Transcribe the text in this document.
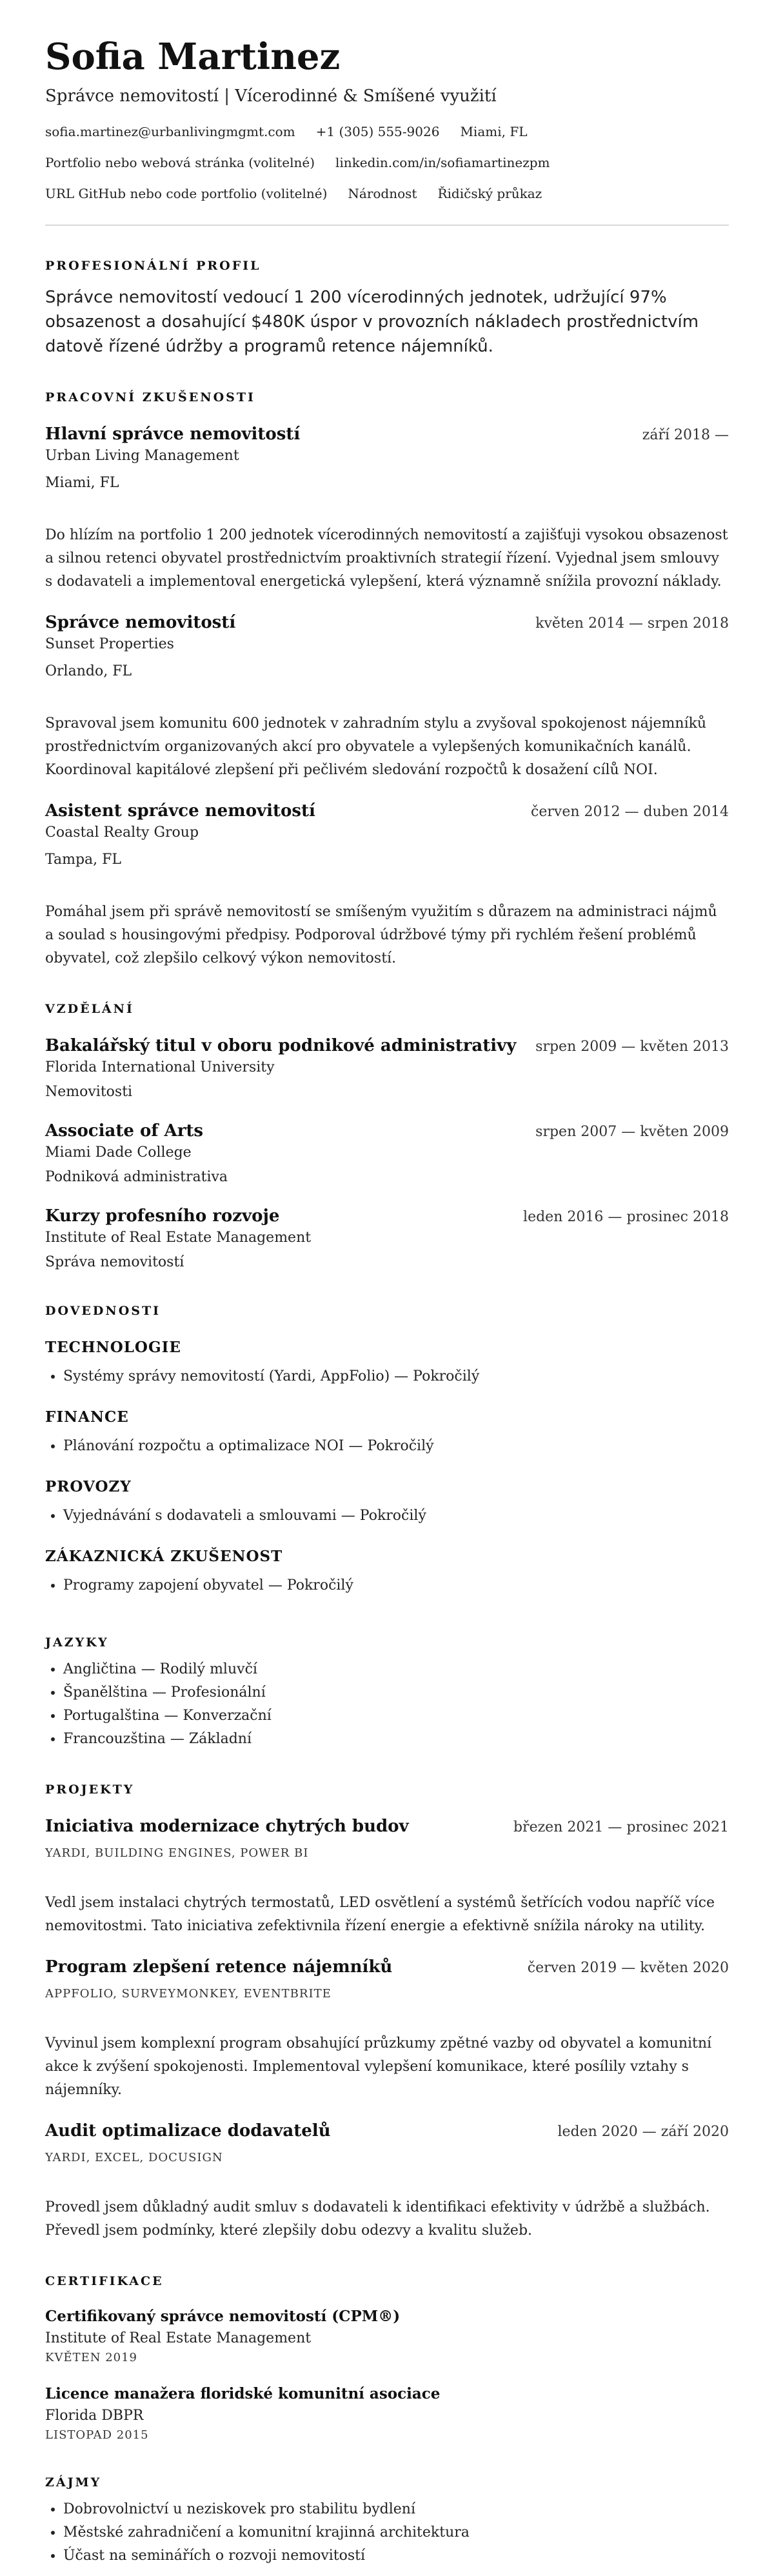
Sofia Martinez
Správce nemovitostí | Vícerodinné & Smíšené využití
sofia.martinez@urbanlivingmgmt.com +1 (305) 555-9026 Miami, FL
Portfolio nebo webová stránka (volitelné) linkedin.com/in/sofiamartinezpm
URL GitHub nebo code portfolio (volitelné) Národnost Řidičský průkaz
PROFESIONÁLNÍ PROFIL
Správce nemovitostí vedoucí 1 200 vícerodinných jednotek, udržující 97% obsazenost a dosahující $480K úspor v provozních nákladech prostřednictvím datově řízené údržby a programů retence nájemníků.
PRACOVNÍ ZKUŠENOSTI
Hlavní správce nemovitostí	září 2018 —
Urban Living Management
Miami, FL
Do hlízím na portfolio 1 200 jednotek vícerodinných nemovitostí a zajišťuji vysokou obsazenost a silnou retenci obyvatel prostřednictvím proaktivních strategií řízení. Vyjednal jsem smlouvy s dodavateli a implementoval energetická vylepšení, která významně snížila provozní náklady.
Správce nemovitostí	květen 2014 — srpen 2018
Sunset Properties
Orlando, FL
Spravoval jsem komunitu 600 jednotek v zahradním stylu a zvyšoval spokojenost nájemníků prostřednictvím organizovaných akcí pro obyvatele a vylepšených komunikačních kanálů. Koordinoval kapitálové zlepšení při pečlivém sledování rozpočtů k dosažení cílů NOI.
Asistent správce nemovitostí	červen 2012 — duben 2014
Coastal Realty Group
Tampa, FL
Pomáhal jsem při správě nemovitostí se smíšeným využitím s důrazem na administraci nájmů a soulad s housingovými předpisy. Podporoval údržbové týmy při rychlém řešení problémů obyvatel, což zlepšilo celkový výkon nemovitostí.
VZDĚLÁNÍ
Bakalářský titul v oboru podnikové administrativy srpen 2009 — květen 2013
Florida International University
Nemovitosti
Associate of Arts	srpen 2007 — květen 2009
Miami Dade College
Podniková administrativa
Kurzy profesního rozvoje	leden 2016 — prosinec 2018
Institute of Real Estate Management
Správa nemovitostí
DOVEDNOSTI
TECHNOLOGIE
• Systémy správy nemovitostí (Yardi, AppFolio) — Pokročilý
FINANCE
• Plánování rozpočtu a optimalizace NOI — Pokročilý
PROVOZY
• Vyjednávání s dodavateli a smlouvami — Pokročilý
ZÁKAZNICKÁ ZKUŠENOST
• Programy zapojení obyvatel — Pokročilý
JAZYKY
• Angličtina — Rodilý mluvčí
• Španělština — Profesionální
• Portugalština — Konverzační
• Francouzština — Základní
PROJEKTY
Iniciativa modernizace chytrých budov	březen 2021 — prosinec 2021
YARDI, BUILDING ENGINES, POWER BI
Vedl jsem instalaci chytrých termostatů, LED osvětlení a systémů šetřících vodou napříč více nemovitostmi. Tato iniciativa zefektivnila řízení energie a efektivně snížila nároky na utility.
Program zlepšení retence nájemníků	červen 2019 — květen 2020
APPFOLIO, SURVEYMONKEY, EVENTBRITE
Vyvinul jsem komplexní program obsahující průzkumy zpětné vazby od obyvatel a komunitní akce k zvýšení spokojenosti. Implementoval vylepšení komunikace, které posílily vztahy s nájemníky.
Audit optimalizace dodavatelů	leden 2020 — září 2020
YARDI, EXCEL, DOCUSIGN
Provedl jsem důkladný audit smluv s dodavateli k identifikaci efektivity v údržbě a službách. Převedl jsem podmínky, které zlepšily dobu odezvy a kvalitu služeb.
CERTIFIKACE
Certifikovaný správce nemovitostí (CPM®)
Institute of Real Estate Management
KVĚTEN 2019
Licence manažera floridské komunitní asociace
Florida DBPR
LISTOPAD 2015
ZÁJMY
• Dobrovolnictví u neziskovek pro stabilitu bydlení
• Městské zahradničení a komunitní krajinná architektura
• Účast na seminářích o rozvoji nemovitostí
